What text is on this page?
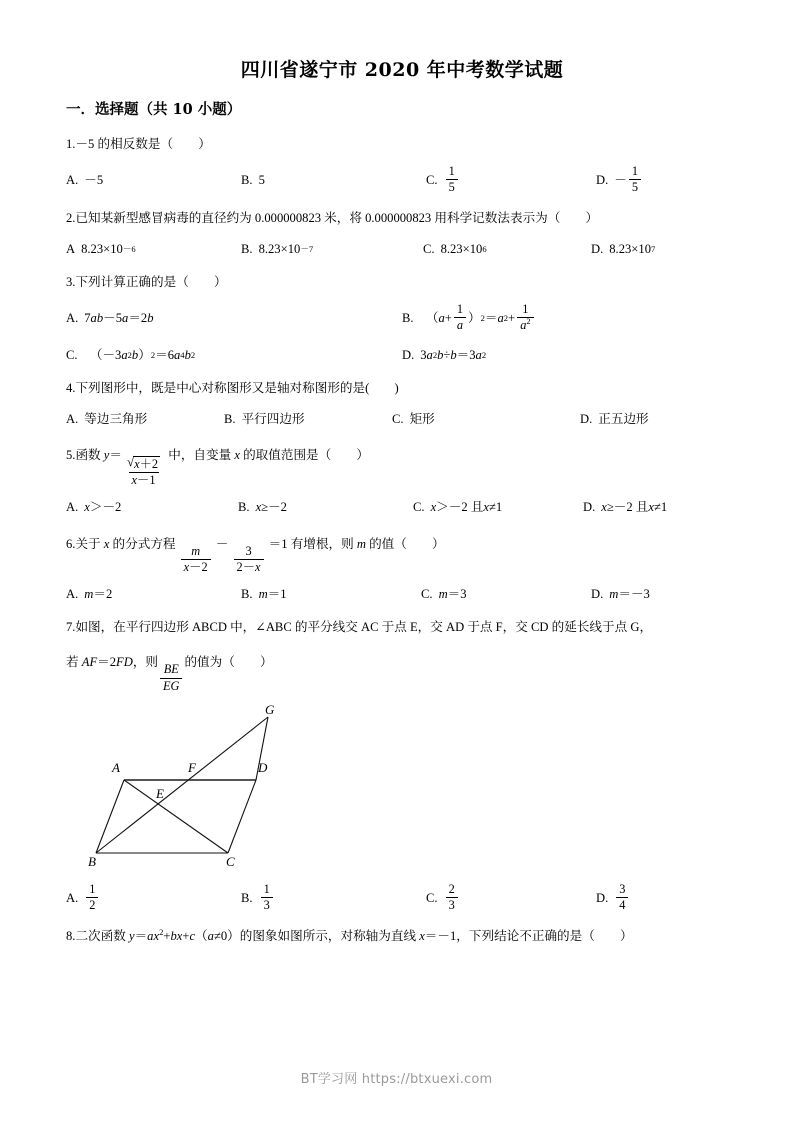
四川省遂宁市 2020 年中考数学试题
一．选择题（共 10 小题）
1.－5 的相反数是（　　）
A. －5	B. 5	C. $\frac{1}{5}$	D. － $\frac{1}{5}$
2.已知某新型感冒病毒的直径约为 0.000000823 米，将 0.000000823 用科学记数法表示为（　　）
A 8.23×10 －6	B. 8.23×10 －7	C. 8.23×10 6	D. 8.23×10 7
3.下列计算正确的是（　　）
A. 7 ab －5 a ＝2 b	B. 　（ $a + \frac{1}{a}$ ） 2 ＝ a $2 + \frac{1}{a^2}$
C. 　（－3 a 2 b ） 2 ＝6 a 4 b 2	D. 3 a 2 b ÷ b ＝3 a 2
4.下列图形中，既是中心对称图形又是轴对称图形的是(　　)
A. 等边三角形	B. 平行四边形	C. 矩形	D. 正五边形
5.函数 y＝
$\frac{√ x+2}{x-1}$
中，自变量 x 的取值范围是（　　）
A. x ＞－2	B. x ≥－2	C. x ＞－2 且 x ≠1	D. x ≥－2 且 x ≠1
6.关于 x 的分式方程
$\frac{m}{x-2}$
－
$\frac{3}{2-x}$
＝1 有增根，则 m 的值（　　）
A. m ＝2	B. m ＝1	C. m ＝3	D. m ＝－3
7.如图，在平行四边形 ABCD 中，∠ABC 的平分线交 AC 于点 E，交 AD 于点 F，交 CD 的延长线于点 G，
若 AF＝2FD，则
$\frac{BE}{EG}$
的值为（　　）
A
B	C
D
E
F
G
A. $\frac{1}{2}$	B. $\frac{1}{3}$	C. $\frac{2}{3}$	D. $\frac{3}{4}$
8.二次函数 $y=ax^2+bx+c(a\ne 0)$的图象如图所示，对称轴为直线 x＝－1，下列结论不正确的是（　　）
BT学习网 https://btxuexi.com
